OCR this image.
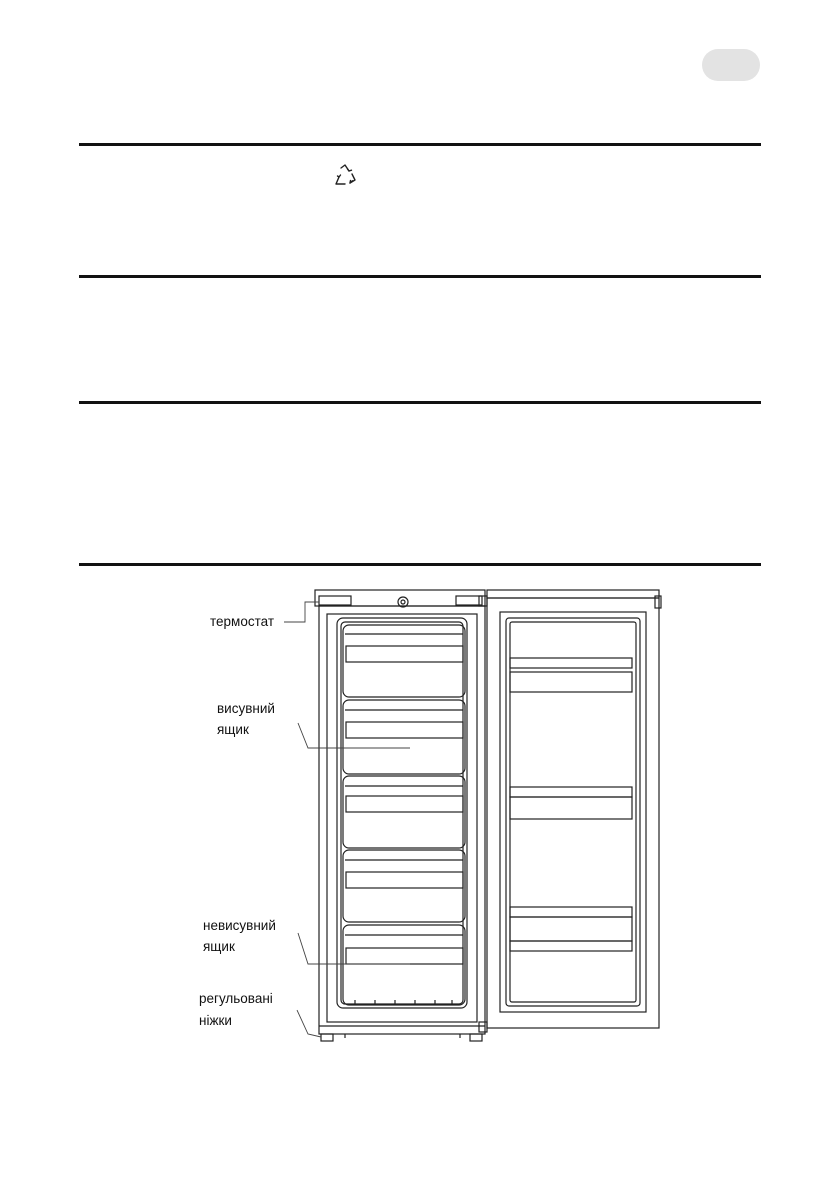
термостат
висувний
ящик
невисувний
ящик
регульовані
ніжки
